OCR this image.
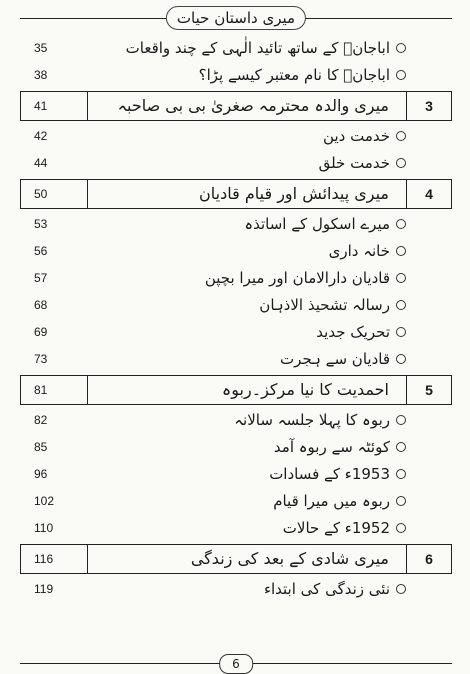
میری داستان حیات
35	اباجانؓ کے ساتھ تائید الٰہی کے چند واقعات
38	اباجانؓ کا نام معتبر کیسے پڑا؟
41	میری والدہ محترمہ صغریٰ بی بی صاحبہ	3
42	خدمت دین
44	خدمت خلق
50	میری پیدائش اور قیام قادیان	4
53	میرے اسکول کے اساتذہ
56	خانہ داری
57	قادیان دارالامان اور میرا بچپن
68	رسالہ تشحیذ الاذہان
69	تحریک جدید
73	قادیان سے ہجرت
81	احمدیت کا نیا مرکز۔ربوہ	5
82	ربوہ کا پہلا جلسہ سالانہ
85	کوئٹہ سے ربوہ آمد
96	1953ء کے فسادات
102	ربوہ میں میرا قیام
110	1952ء کے حالات
116	میری شادی کے بعد کی زندگی	6
119	نئی زندگی کی ابتداء
6
